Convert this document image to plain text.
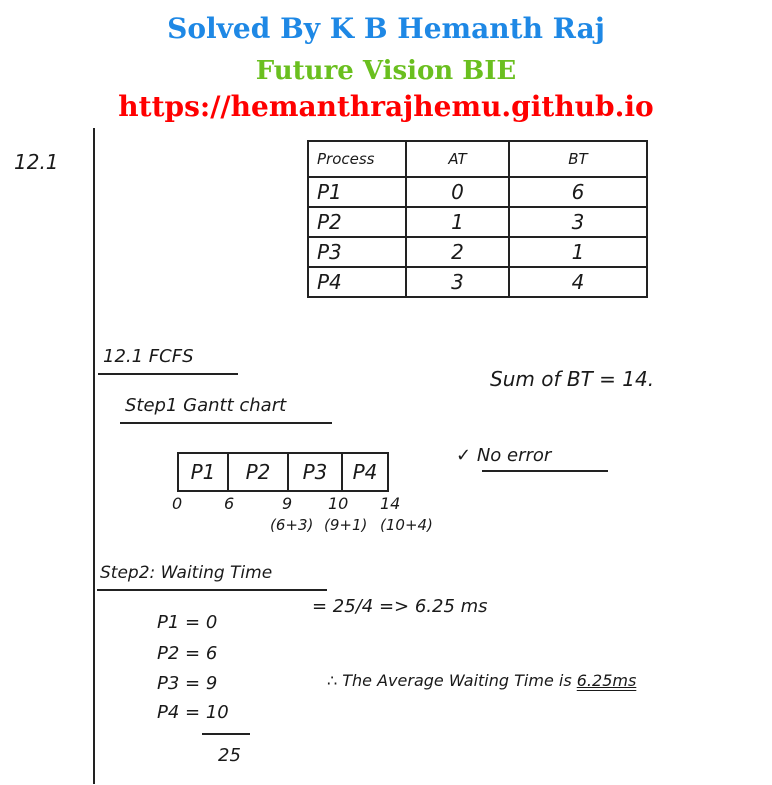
Solved By K B Hemanth Raj
Future Vision BIE
https://hemanthrajhemu.github.io
12.1	Process	AT	BT
P1	0	6
P2	1	3
P3	2	1
P4	3	4
12.1 FCFS
Sum of BT = 14.
Step1 Gantt chart
✓ No error
P1	P2	P3	P4
0	6	9 10 14
(6+3) (9+1) (10+4)
Step2: Waiting Time
P1 = 0
P2 = 6
P3 = 9
P4 = 10
25
= 25/4 => 6.25 ms
∴ The Average Waiting Time is 6.25ms
